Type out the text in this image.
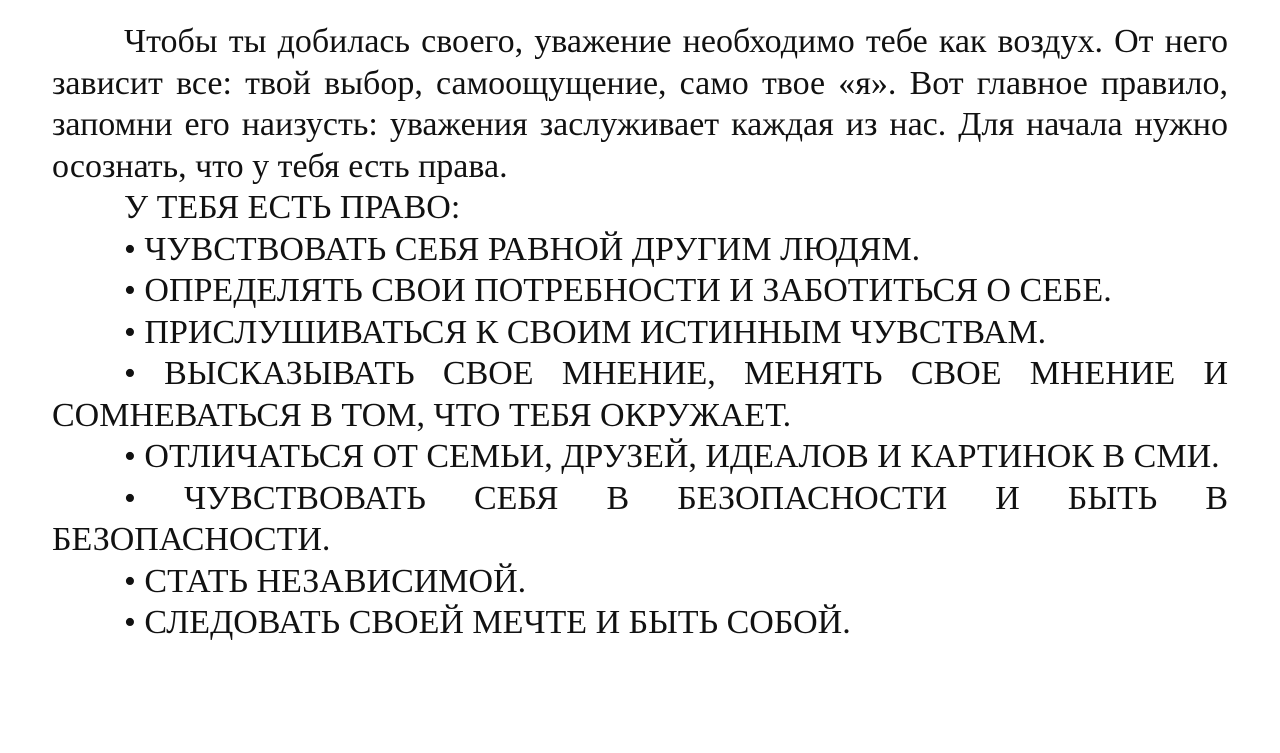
Чтобы ты добилась своего, уважение необходимо тебе как воздух. От него зависит все: твой выбор, самоощущение, само твое «я». Вот главное правило, запомни его наизусть: уважения заслуживает каждая из нас. Для начала нужно осознать, что у тебя есть права.

У ТЕБЯ ЕСТЬ ПРАВО:

• ЧУВСТВОВАТЬ СЕБЯ РАВНОЙ ДРУГИМ ЛЮДЯМ.
• ОПРЕДЕЛЯТЬ СВОИ ПОТРЕБНОСТИ И ЗАБОТИТЬСЯ О СЕБЕ.
• ПРИСЛУШИВАТЬСЯ К СВОИМ ИСТИННЫМ ЧУВСТВАМ.
• ВЫСКАЗЫВАТЬ СВОЕ МНЕНИЕ, МЕНЯТЬ СВОЕ МНЕНИЕ И СОМНЕВАТЬСЯ В ТОМ, ЧТО ТЕБЯ ОКРУЖАЕТ.
• ОТЛИЧАТЬСЯ ОТ СЕМЬИ, ДРУЗЕЙ, ИДЕАЛОВ И КАРТИНОК В СМИ.
• ЧУВСТВОВАТЬ СЕБЯ В БЕЗОПАСНОСТИ И БЫТЬ В БЕЗОПАСНОСТИ.
• СТАТЬ НЕЗАВИСИМОЙ.
• СЛЕДОВАТЬ СВОЕЙ МЕЧТЕ И БЫТЬ СОБОЙ.
